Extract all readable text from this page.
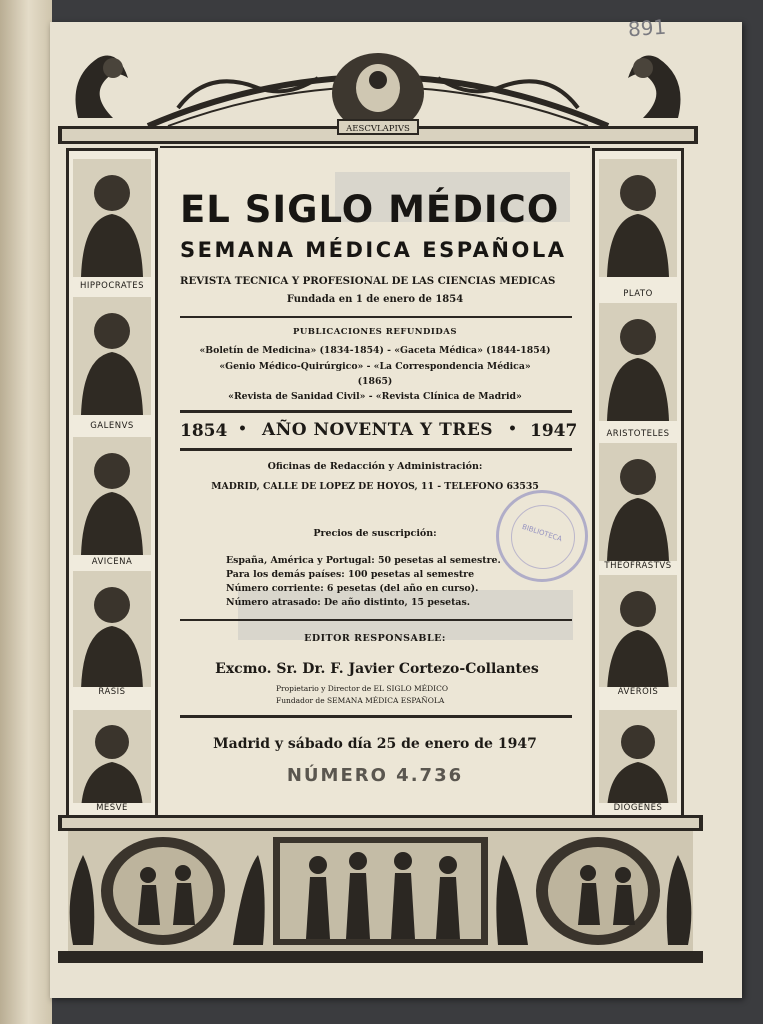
891
AESCVLAPIVS
HIPPOCRATES
GALENVS
AVICENA
RASIS
MESVE
PLATO
ARISTOTELES
THEOFRASTVS
AVEROIS
DIOGENES
EL SIGLO MÉDICO
SEMANA MÉDICA ESPAÑOLA
REVISTA TECNICA Y PROFESIONAL DE LAS CIENCIAS MEDICAS
Fundada en 1 de enero de 1854
PUBLICACIONES REFUNDIDAS
«Boletín de Medicina» (1834-1854) - «Gaceta Médica» (1844-1854)
«Genio Médico-Quirúrgico» - «La Correspondencia Médica»
(1865)
«Revista de Sanidad Civil» - «Revista Clínica de Madrid»
1854 • AÑO NOVENTA Y TRES • 1947
Oficinas de Redacción y Administración:
MADRID, CALLE DE LOPEZ DE HOYOS, 11 - TELEFONO 63535
Precios de suscripción:
España, América y Portugal: 50 pesetas al semestre.
Para los demás países: 100 pesetas al semestre
Número corriente: 6 pesetas (del año en curso).
Número atrasado: De año distinto, 15 pesetas.
EDITOR RESPONSABLE:
Excmo. Sr. Dr. F. Javier Cortezo-Collantes
Propietario y Director de EL SIGLO MÉDICO
Fundador de SEMANA MÉDICA ESPAÑOLA
Madrid y sábado día 25 de enero de 1947
NÚMERO 4.736
BIBLIOTECA
